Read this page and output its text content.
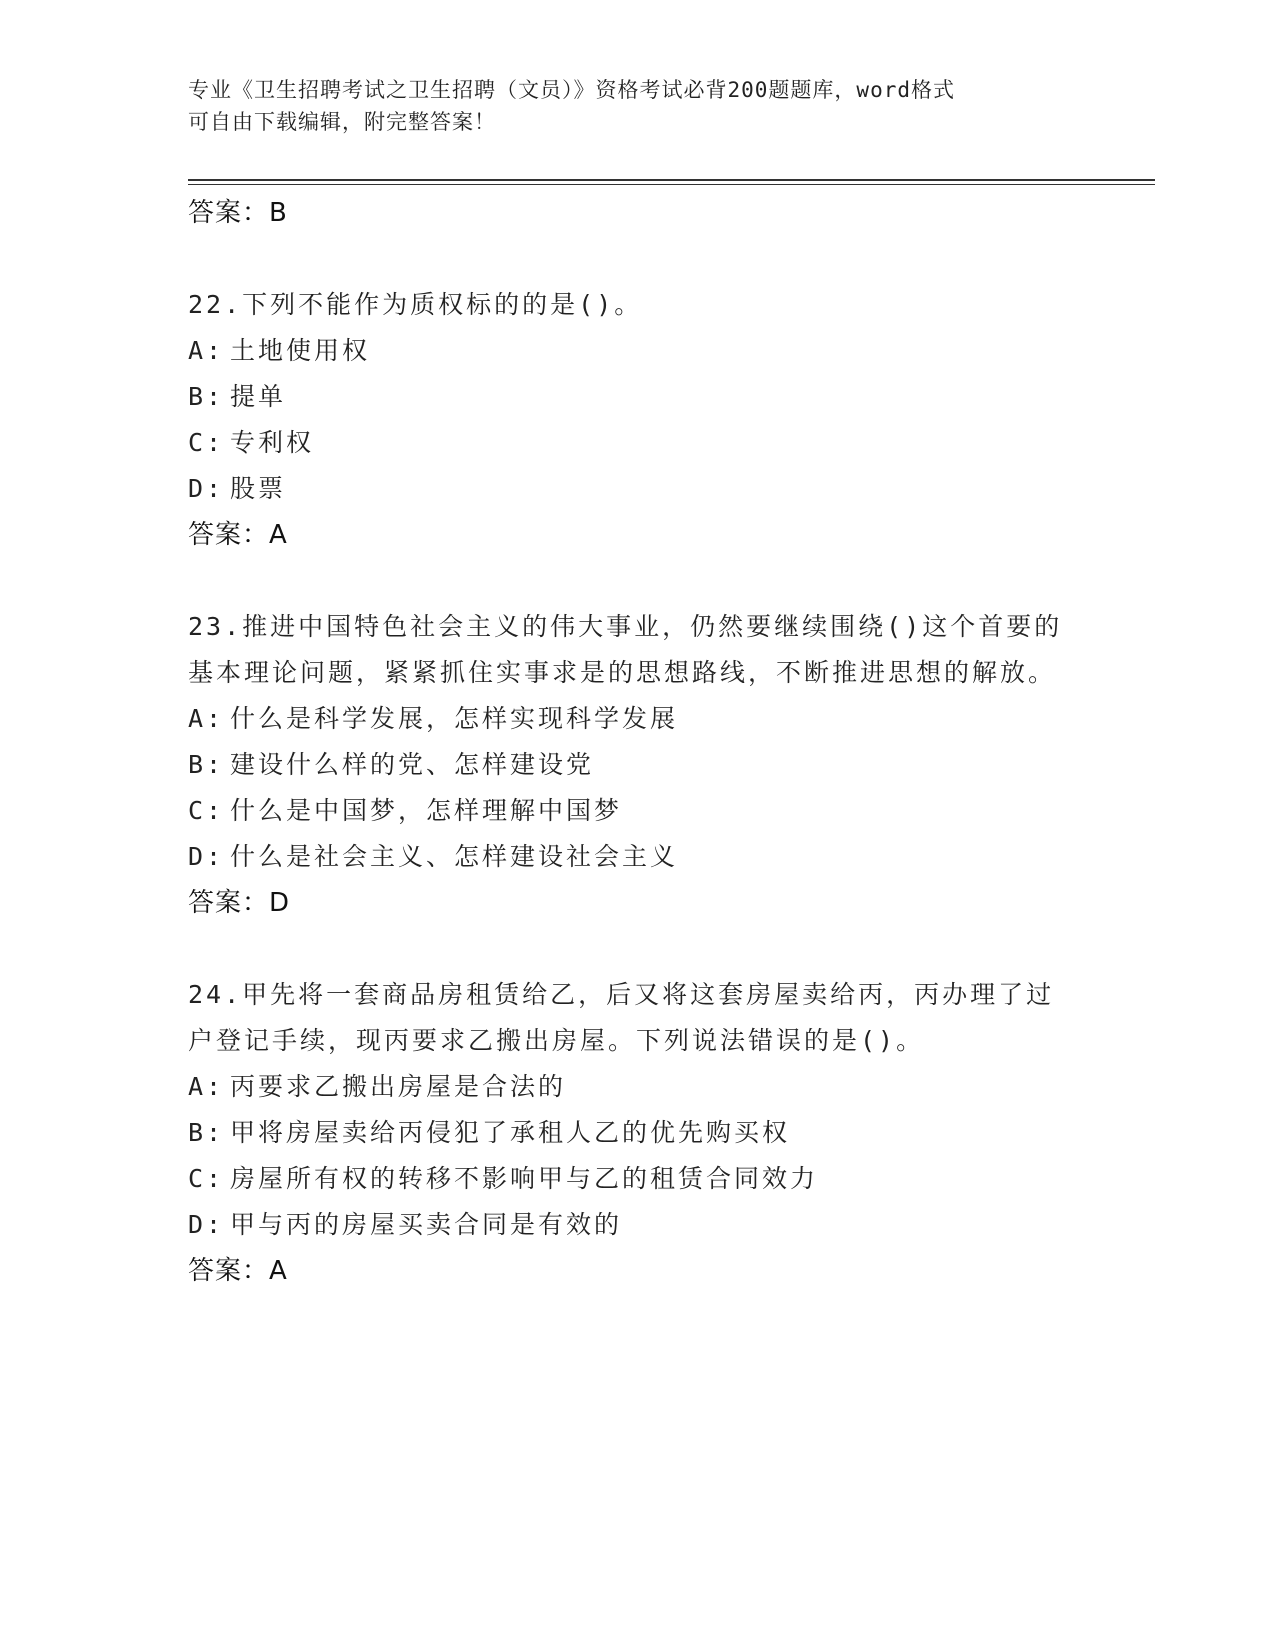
专业《卫生招聘考试之卫生招聘（文员）》资格考试必背200题题库，word格式
可自由下载编辑，附完整答案！
答案：B
22.下列不能作为质权标的的是()。
A: 土地使用权
B: 提单
C: 专利权
D: 股票
答案：A
23.推进中国特色社会主义的伟大事业，仍然要继续围绕()这个首要的基本理论问题，紧紧抓住实事求是的思想路线，不断推进思想的解放。
A: 什么是科学发展，怎样实现科学发展
B: 建设什么样的党、怎样建设党
C: 什么是中国梦，怎样理解中国梦
D: 什么是社会主义、怎样建设社会主义
答案：D
24.甲先将一套商品房租赁给乙，后又将这套房屋卖给丙，丙办理了过户登记手续，现丙要求乙搬出房屋。下列说法错误的是()。
A: 丙要求乙搬出房屋是合法的
B: 甲将房屋卖给丙侵犯了承租人乙的优先购买权
C: 房屋所有权的转移不影响甲与乙的租赁合同效力
D: 甲与丙的房屋买卖合同是有效的
答案：A
